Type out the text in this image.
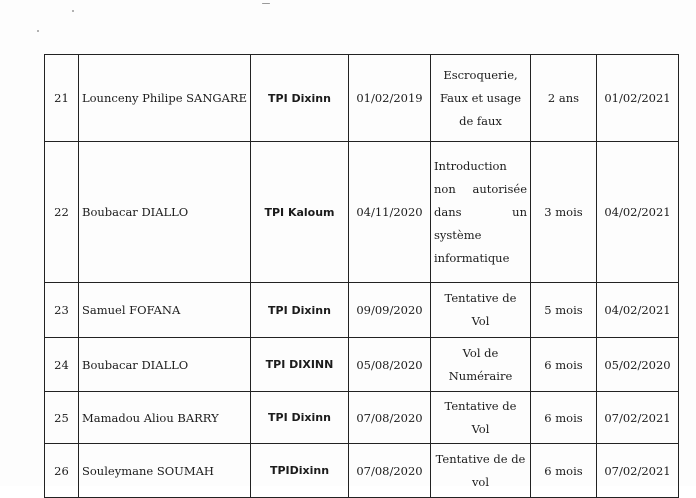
21	Lounceny Philipe SANGARE	TPI Dixinn	01/02/2019	Escroquerie,
Faux et usage
de faux	2 ans	01/02/2021
22	Boubacar DIALLO	TPI Kaloum	04/11/2020	Introduction
non autorisée
dans un
système
informatique	3 mois	04/02/2021
23	Samuel FOFANA	TPI Dixinn	09/09/2020	Tentative de
Vol	5 mois	04/02/2021
24	Boubacar DIALLO	TPI DIXINN	05/08/2020	Vol de
Numéraire	6 mois	05/02/2020
25	Mamadou Aliou BARRY	TPI Dixinn	07/08/2020	Tentative de
Vol	6 mois	07/02/2021
26	Souleymane SOUMAH	TPIDixinn	07/08/2020	Tentative de de
vol	6 mois	07/02/2021
